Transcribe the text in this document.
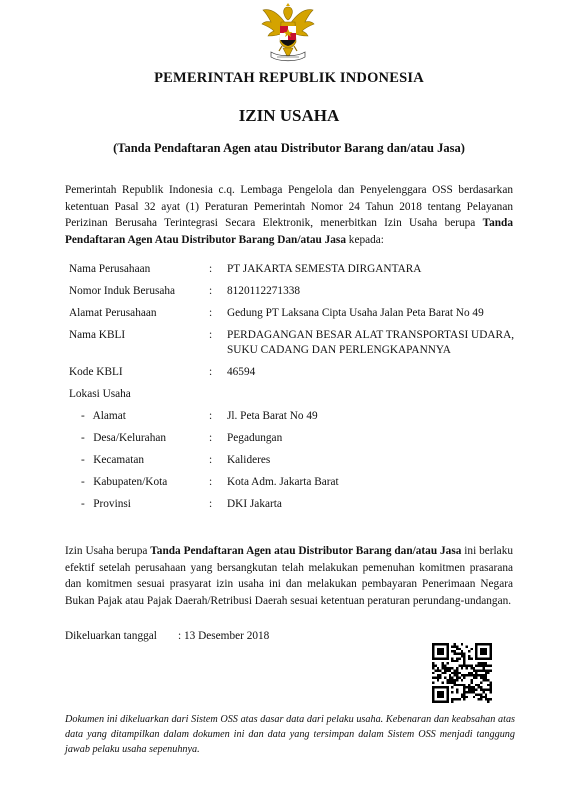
PEMERINTAH REPUBLIK INDONESIA
IZIN USAHA
(Tanda Pendaftaran Agen atau Distributor Barang dan/atau Jasa)
Pemerintah Republik Indonesia c.q. Lembaga Pengelola dan Penyelenggara OSS berdasarkan ketentuan Pasal 32 ayat (1) Peraturan Pemerintah Nomor 24 Tahun 2018 tentang Pelayanan Perizinan Berusaha Terintegrasi Secara Elektronik, menerbitkan Izin Usaha berupa Tanda Pendaftaran Agen Atau Distributor Barang Dan/atau Jasa kepada:
Nama Perusahaan	: PT JAKARTA SEMESTA DIRGANTARA
Nomor Induk Berusaha	: 8120112271338
Alamat Perusahaan	: Gedung PT Laksana Cipta Usaha Jalan Peta Barat No 49
Nama KBLI	: PERDAGANGAN BESAR ALAT TRANSPORTASI UDARA, SUKU CADANG DAN PERLENGKAPANNYA
Kode KBLI	: 46594
Lokasi Usaha
-   Alamat	: Jl. Peta Barat No 49
-   Desa/Kelurahan	: Pegadungan
-   Kecamatan	: Kalideres
-   Kabupaten/Kota	: Kota Adm. Jakarta Barat
-   Provinsi	: DKI Jakarta
Izin Usaha berupa Tanda Pendaftaran Agen atau Distributor Barang dan/atau Jasa ini berlaku efektif setelah perusahaan yang bersangkutan telah melakukan pemenuhan komitmen prasarana dan komitmen sesuai prasyarat izin usaha ini dan melakukan pembayaran Penerimaan Negara Bukan Pajak atau Pajak Daerah/Retribusi Daerah sesuai ketentuan peraturan perundang-undangan.
Dikeluarkan tanggal : 13 Desember 2018
Dokumen ini dikeluarkan dari Sistem OSS atas dasar data dari pelaku usaha. Kebenaran dan keabsahan atas data yang ditampilkan dalam dokumen ini dan data yang tersimpan dalam Sistem OSS menjadi tanggung jawab pelaku usaha sepenuhnya.
